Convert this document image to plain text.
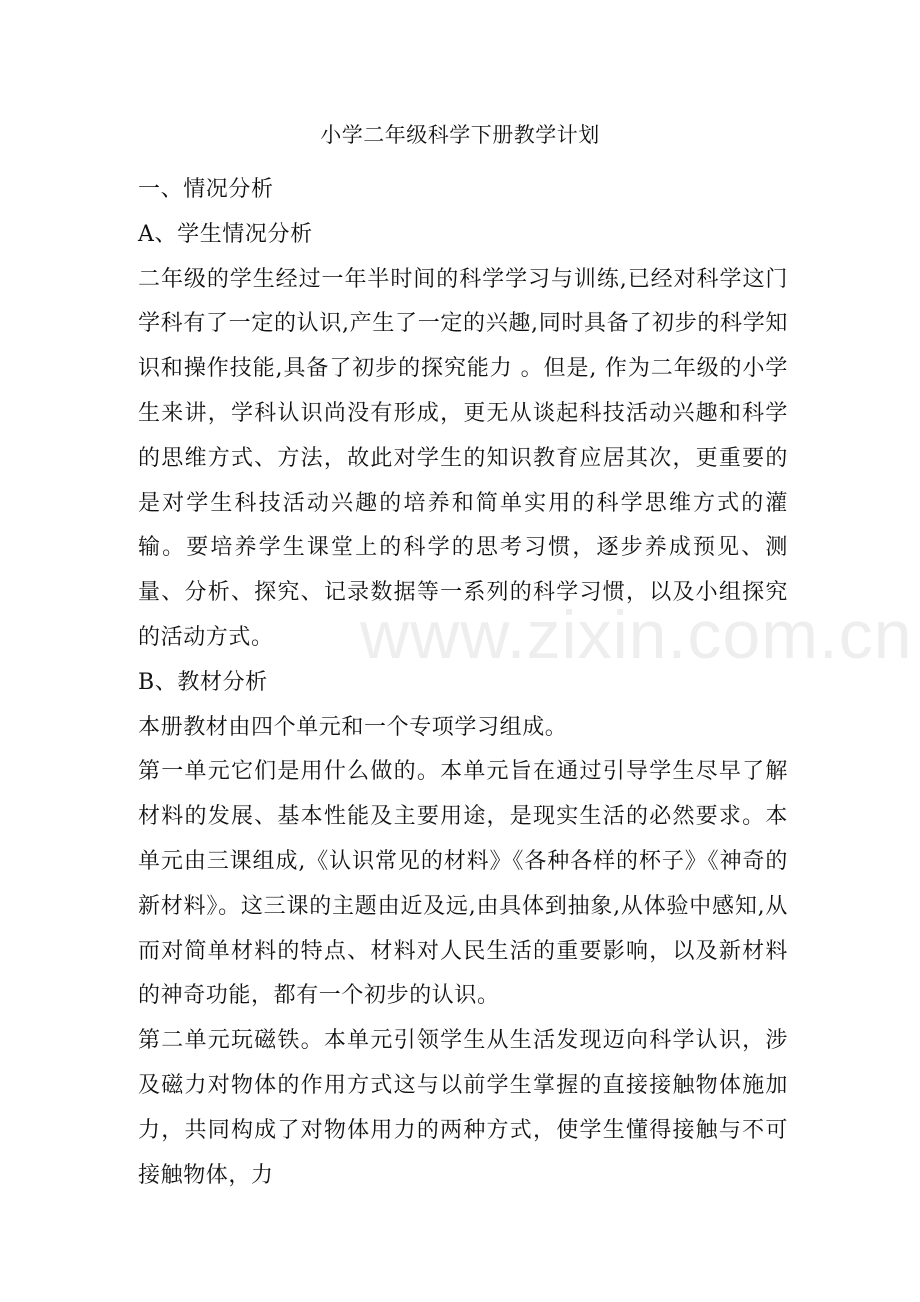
小学二年级科学下册教学计划

一、情况分析

A、学生情况分析

二年级的学生经过一年半时间的科学学习与训练,已经对科学这门学科有了一定的认识,产生了一定的兴趣,同时具备了初步的科学知识和操作技能,具备了初步的探究能力 。但是, 作为二年级的小学生来讲，学科认识尚没有形成，更无从谈起科技活动兴趣和科学的思维方式、方法，故此对学生的知识教育应居其次，更重要的是对学生科技活动兴趣的培养和简单实用的科学思维方式的灌输。要培养学生课堂上的科学的思考习惯，逐步养成预见、测量、分析、探究、记录数据等一系列的科学习惯，以及小组探究的活动方式。

B、教材分析

本册教材由四个单元和一个专项学习组成。

第一单元它们是用什么做的。本单元旨在通过引导学生尽早了解材料的发展、基本性能及主要用途，是现实生活的必然要求。本单元由三课组成,《认识常见的材料》《各种各样的杯子》《神奇的新材料》。这三课的主题由近及远,由具体到抽象,从体验中感知,从而对简单材料的特点、材料对人民生活的重要影响，以及新材料的神奇功能，都有一个初步的认识。

第二单元玩磁铁。本单元引领学生从生活发现迈向科学认识，涉及磁力对物体的作用方式这与以前学生掌握的直接接触物体施加力，共同构成了对物体用力的两种方式，使学生懂得接触与不可接触物体，力

www.zixin.com.cn
